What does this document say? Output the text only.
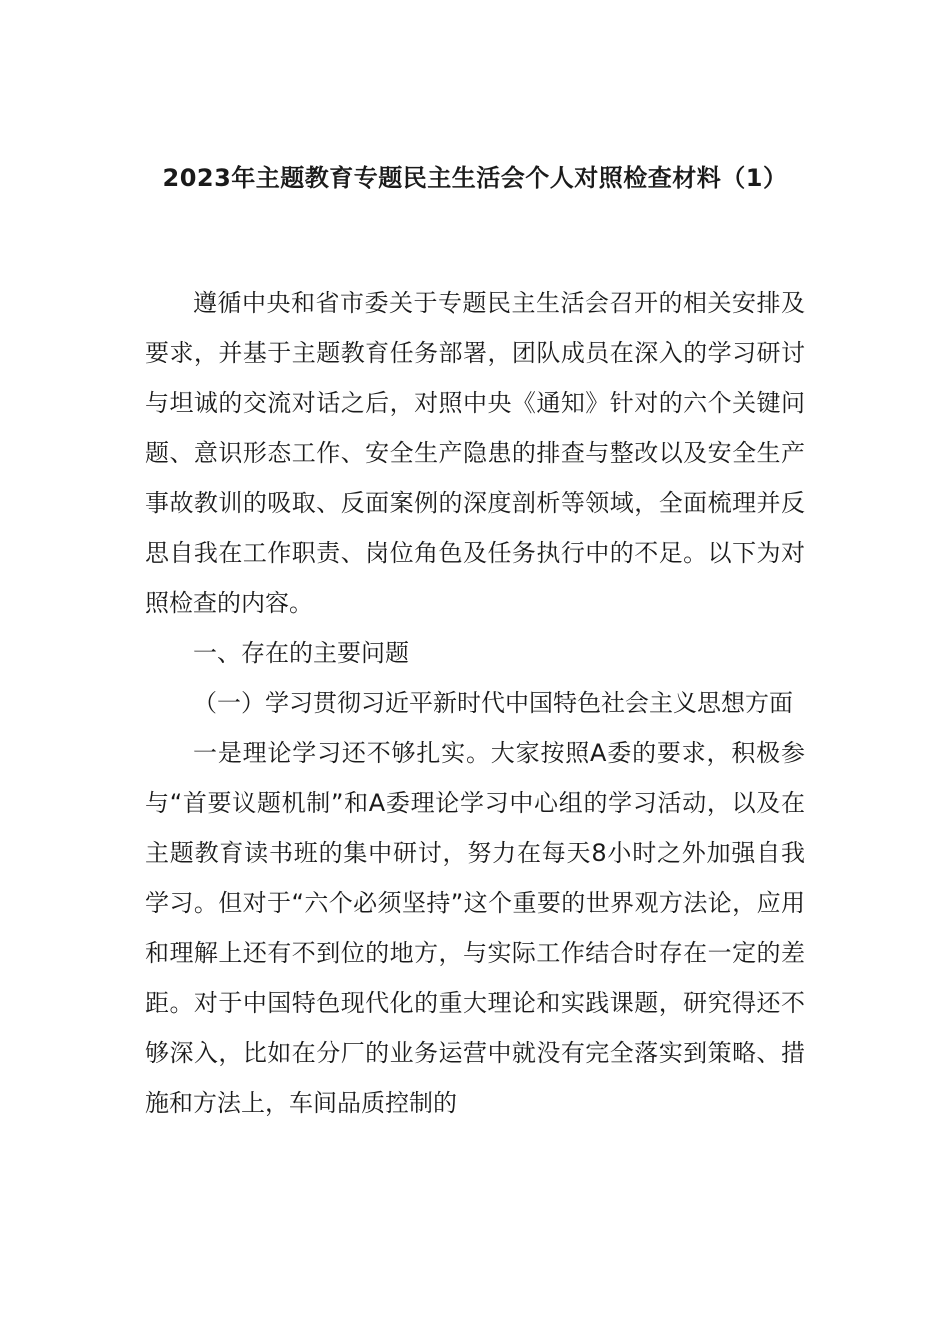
2023年主题教育专题民主生活会个人对照检查材料（1）

遵循中央和省市委关于专题民主生活会召开的相关安排及要求，并基于主题教育任务部署，团队成员在深入的学习研讨与坦诚的交流对话之后，对照中央《通知》针对的六个关键问题、意识形态工作、安全生产隐患的排查与整改以及安全生产事故教训的吸取、反面案例的深度剖析等领域，全面梳理并反思自我在工作职责、岗位角色及任务执行中的不足。以下为对照检查的内容。

一、存在的主要问题

（一）学习贯彻习近平新时代中国特色社会主义思想方面

一是理论学习还不够扎实。大家按照A委的要求，积极参与“首要议题机制”和A委理论学习中心组的学习活动，以及在主题教育读书班的集中研讨，努力在每天8小时之外加强自我学习。但对于“六个必须坚持”这个重要的世界观方法论，应用和理解上还有不到位的地方，与实际工作结合时存在一定的差距。对于中国特色现代化的重大理论和实践课题，研究得还不够深入，比如在分厂的业务运营中就没有完全落实到策略、措施和方法上，车间品质控制的
